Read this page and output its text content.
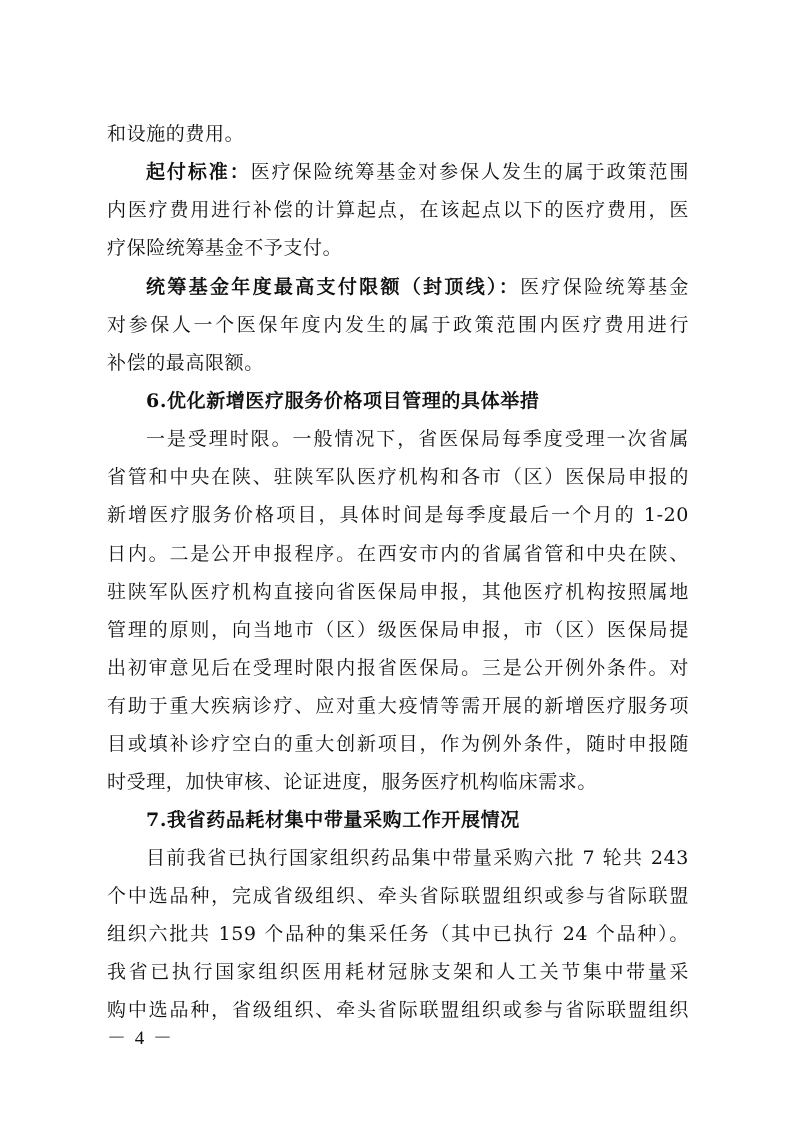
和设施的费用。
起付标准：医疗保险统筹基金对参保人发生的属于政策范围
内医疗费用进行补偿的计算起点，在该起点以下的医疗费用，医
疗保险统筹基金不予支付。
统筹基金年度最高支付限额（封顶线）：医疗保险统筹基金
对参保人一个医保年度内发生的属于政策范围内医疗费用进行
补偿的最高限额。
6.优化新增医疗服务价格项目管理的具体举措
一是受理时限。一般情况下，省医保局每季度受理一次省属
省管和中央在陕、驻陕军队医疗机构和各市（区）医保局申报的
新增医疗服务价格项目，具体时间是每季度最后一个月的 1-20
日内。二是公开申报程序。在西安市内的省属省管和中央在陕、
驻陕军队医疗机构直接向省医保局申报，其他医疗机构按照属地
管理的原则，向当地市（区）级医保局申报，市（区）医保局提
出初审意见后在受理时限内报省医保局。三是公开例外条件。对
有助于重大疾病诊疗、应对重大疫情等需开展的新增医疗服务项
目或填补诊疗空白的重大创新项目，作为例外条件，随时申报随
时受理，加快审核、论证进度，服务医疗机构临床需求。
7.我省药品耗材集中带量采购工作开展情况
目前我省已执行国家组织药品集中带量采购六批 7 轮共 243
个中选品种，完成省级组织、牵头省际联盟组织或参与省际联盟
组织六批共 159 个品种的集采任务（其中已执行 24 个品种）。
我省已执行国家组织医用耗材冠脉支架和人工关节集中带量采
购中选品种，省级组织、牵头省际联盟组织或参与省际联盟组织
－ 4 －
